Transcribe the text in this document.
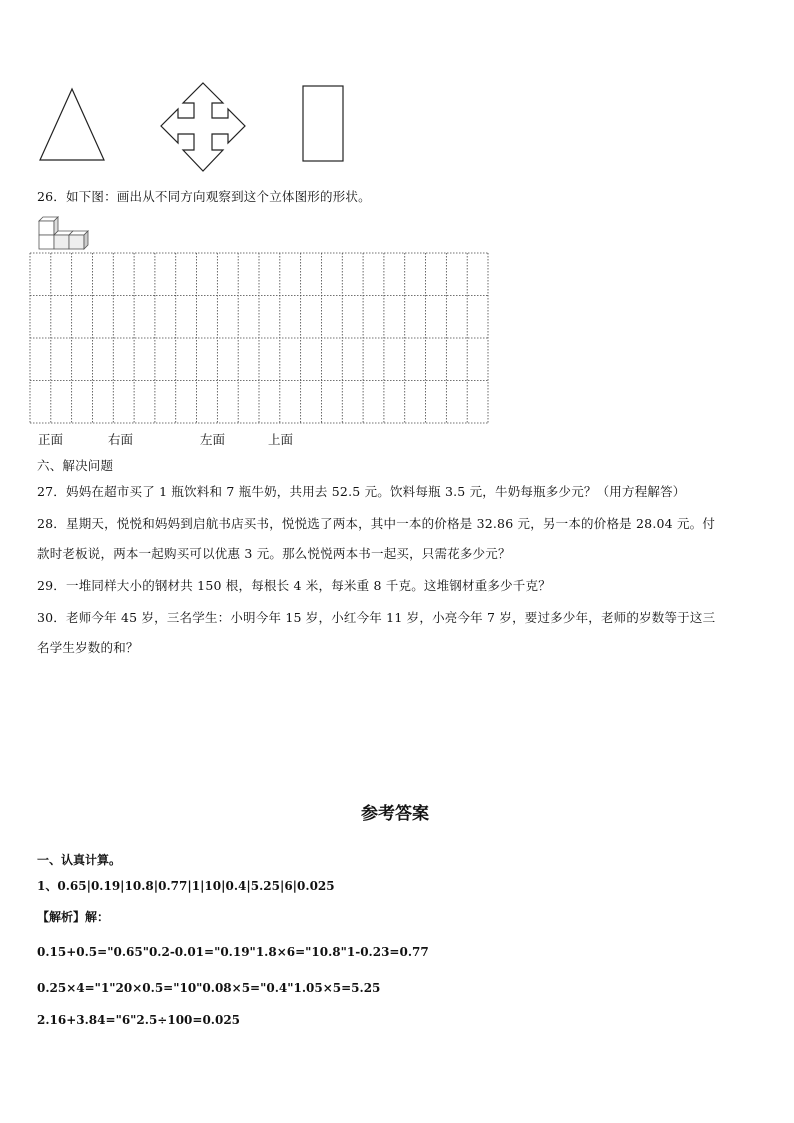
26．如下图：画出从不同方向观察到这个立体图形的形状。
正面	右面	左面	上面
六、解决问题
27．妈妈在超市买了 1 瓶饮料和 7 瓶牛奶，共用去 52.5 元。饮料每瓶 3.5 元，牛奶每瓶多少元？（用方程解答）
28．星期天，悦悦和妈妈到启航书店买书，悦悦选了两本，其中一本的价格是 32.86 元，另一本的价格是 28.04 元。付
款时老板说，两本一起购买可以优惠 3 元。那么悦悦两本书一起买，只需花多少元？
29．一堆同样大小的钢材共 150 根，每根长 4 米，每米重 8 千克。这堆钢材重多少千克？
30．老师今年 45 岁，三名学生：小明今年 15 岁，小红今年 11 岁，小亮今年 7 岁，要过多少年，老师的岁数等于这三
名学生岁数的和？
参考答案
一、认真计算。
1、0.65|0.19|10.8|0.77|1|10|0.4|5.25|6|0.025
【解析】解：
0.15+0.5="0.65"0.2-0.01="0.19"1.8×6="10.8"1-0.23=0.77
0.25×4="1"20×0.5="10"0.08×5="0.4"1.05×5=5.25
2.16+3.84="6"2.5÷100=0.025
